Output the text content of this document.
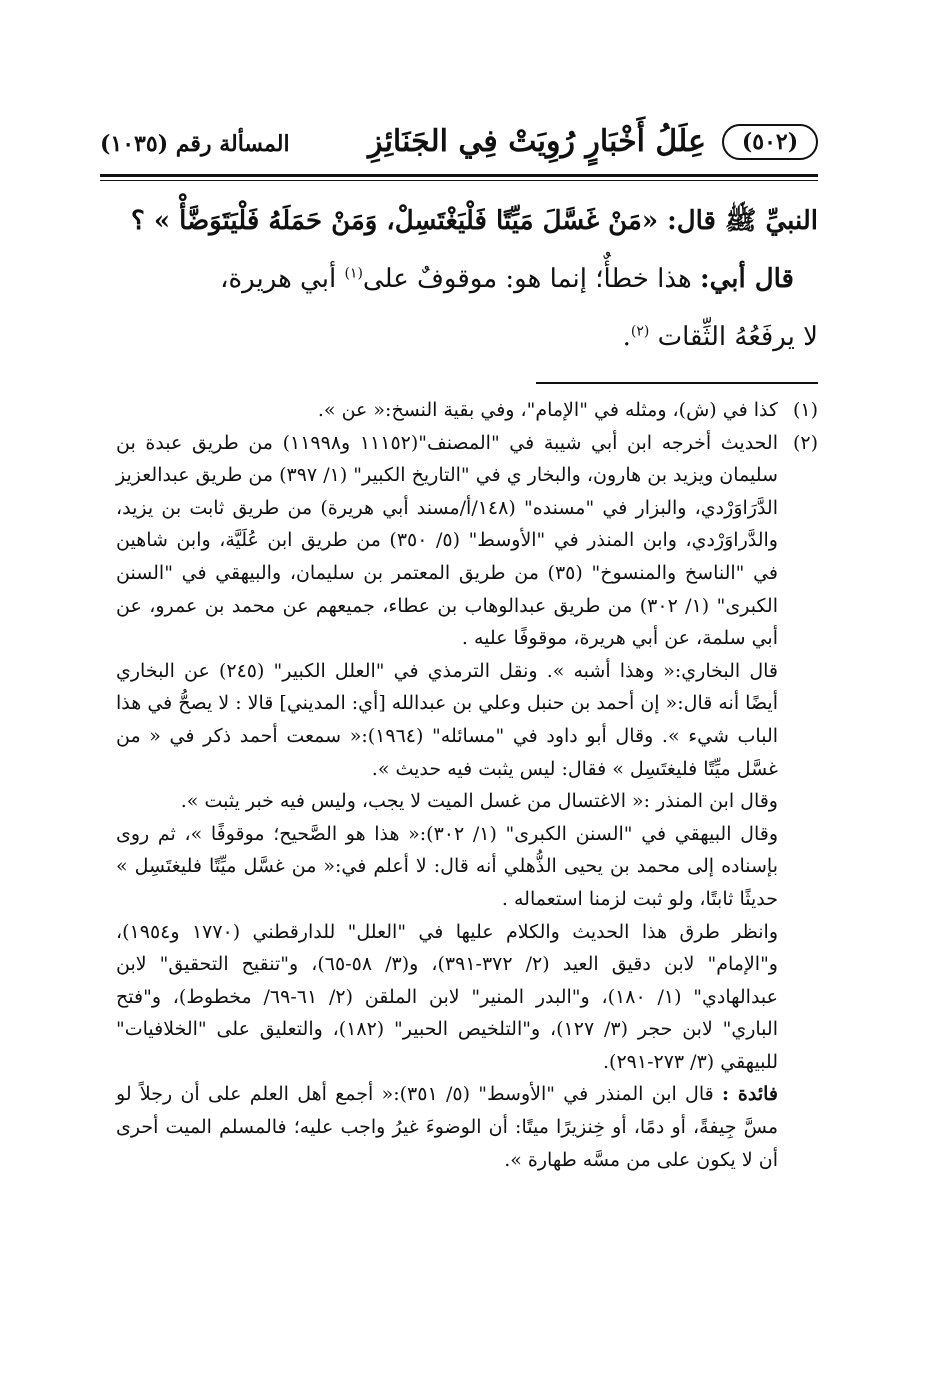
(٥٠٢)
عِلَلُ أَخْبَارٍ رُوِيَتْ فِي الجَنَائِزِ
المسألة رقم (١٠٣٥)

النبيِّ ﷺ قال: «مَنْ غَسَّلَ مَيِّتًا فَلْيَغْتَسِلْ، وَمَنْ حَمَلَهُ فَلْيَتَوَضَّأْ » ؟

قال أبي: هذا خطأٌ؛ إنما هو: موقوفٌ على$^{(١)}$ أبي هريرة،

لا يرفَعُهُ الثِّقات $^{(٢)}$.

(١)

كذا في (ش)، ومثله في "الإمام"، وفي بقية النسخ:« عن ».

(٢)

الحديث أخرجه ابن أبي شيبة في "المصنف"(١١١٥٢ و١١٩٩٨) من طريق عبدة بن سليمان ويزيد بن هارون، والبخار ي في "التاريخ الكبير" (١/ ٣٩٧) من طريق عبدالعزيز الدَّرَاوَرْدي، والبزار في "مسنده" (١٤٨/أ/مسند أبي هريرة) من طريق ثابت بن يزيد، والدَّراوَرْدي، وابن المنذر في "الأوسط" (٥/ ٣٥٠) من طريق ابن عُلَيَّة، وابن شاهين في "الناسخ والمنسوخ" (٣٥) من طريق المعتمر بن سليمان، والبيهقي في "السنن الكبرى" (١/ ٣٠٢) من طريق عبدالوهاب بن عطاء، جميعهم عن محمد بن عمرو، عن أبي سلمة، عن أبي هريرة، موقوفًا عليه .

قال البخاري:« وهذا أشبه ». ونقل الترمذي في "العلل الكبير" (٢٤٥) عن البخاري أيضًا أنه قال:« إن أحمد بن حنبل وعلي بن عبدالله [أي: المديني] قالا : لا يصحُّ في هذا الباب شيء ». وقال أبو داود في "مسائله" (١٩٦٤):« سمعت أحمد ذكر في « من غسَّل ميِّتًا فليغتَسِل » فقال: ليس يثبت فيه حديث ».

وقال ابن المنذر :« الاغتسال من غسل الميت لا يجب، وليس فيه خبر يثبت ».

وقال البيهقي في "السنن الكبرى" (١/ ٣٠٢):« هذا هو الصَّحيح؛ موقوفًا »، ثم روى بإسناده إلى محمد بن يحيى الذُّهلي أنه قال: لا أعلم في:« من غسَّل ميِّتًا فليغتَسِل » حديثًا ثابتًا، ولو ثبت لزمنا استعماله .

وانظر طرق هذا الحديث والكلام عليها في "العلل" للدارقطني (١٧٧٠ و١٩٥٤)، و"الإمام" لابن دقيق العيد (٢/ ٣٧٢-٣٩١)، و(٣/ ٥٨-٦٥)، و"تنقيح التحقيق" لابن عبدالهادي" (١/ ١٨٠)، و"البدر المنير" لابن الملقن (٢/ ٦١-٦٩/ مخطوط)، و"فتح الباري" لابن حجر (٣/ ١٢٧)، و"التلخيص الحبير" (١٨٢)، والتعليق على "الخلافيات" للبيهقي (٣/ ٢٧٣-٢٩١).

فائدة : قال ابن المنذر في "الأوسط" (٥/ ٣٥١):« أجمع أهل العلم على أن رجلاً لو مسَّ جِيفةً، أو دمًا، أو خِنزيرًا ميتًا: أن الوضوءَ غيرُ واجب عليه؛ فالمسلم الميت أحرى أن لا يكون على من مسَّه طهارة ».
